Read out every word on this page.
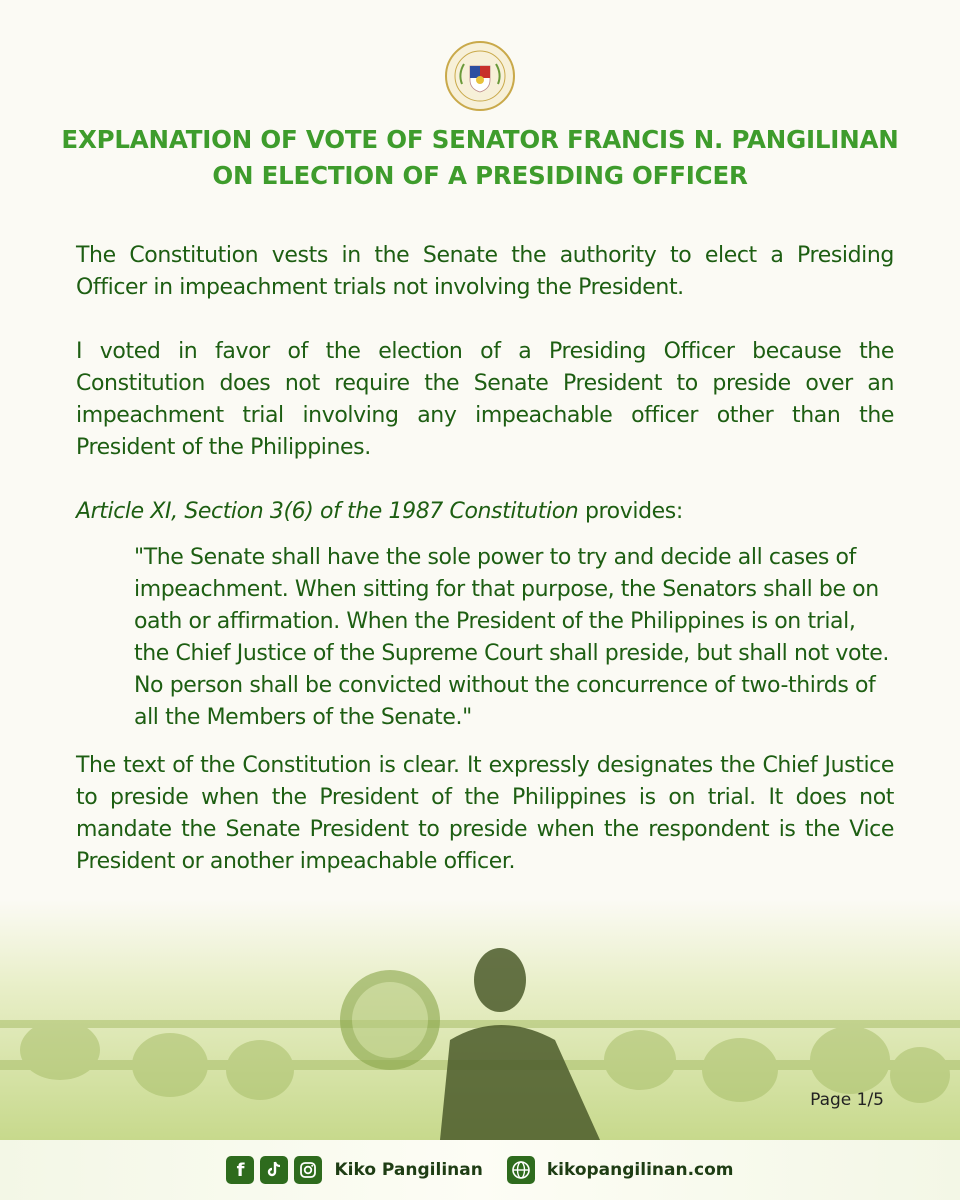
EXPLANATION OF VOTE OF SENATOR FRANCIS N. PANGILINAN
ON ELECTION OF A PRESIDING OFFICER

The Constitution vests in the Senate the authority to elect a Presiding Officer in impeachment trials not involving the President.

I voted in favor of the election of a Presiding Officer because the Constitution does not require the Senate President to preside over an impeachment trial involving any impeachable officer other than the President of the Philippines.

Article XI, Section 3(6) of the 1987 Constitution provides:

"The Senate shall have the sole power to try and decide all cases of impeachment. When sitting for that purpose, the Senators shall be on oath or affirmation. When the President of the Philippines is on trial, the Chief Justice of the Supreme Court shall preside, but shall not vote. No person shall be convicted without the concurrence of two-thirds of all the Members of the Senate."

The text of the Constitution is clear. It expressly designates the Chief Justice to preside when the President of the Philippines is on trial. It does not mandate the Senate President to preside when the respondent is the Vice President or another impeachable officer.

Page 1/5
f	Kiko Pangilinan	kikopangilinan.com
